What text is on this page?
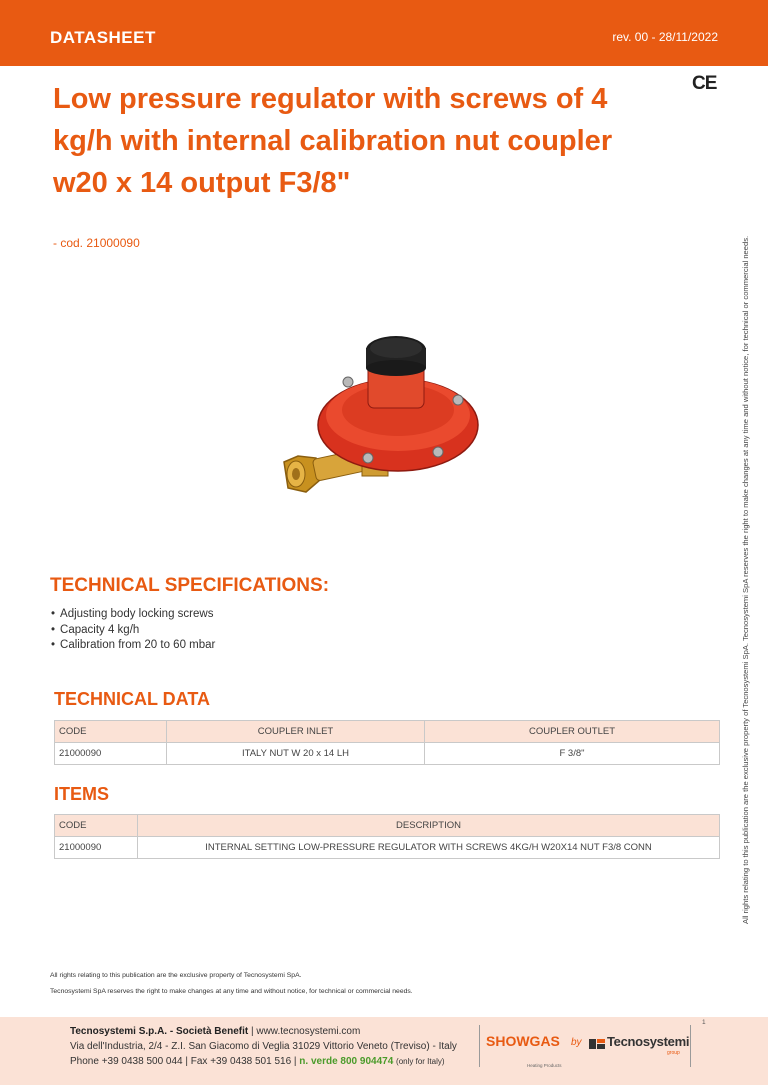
DATASHEET	rev. 00 - 28/11/2022
CE
Low pressure regulator with screws of 4 kg/h with internal calibration nut coupler w20 x 14 output F3/8"
- cod. 21000090	All rights relating to this publication are the exclusive property of Tecnosystemi SpA. Tecnosystemi SpA reserves the right to make changes at any time and without notice, for technical or commercial needs.
TECHNICAL SPECIFICATIONS:
• Adjusting body locking screws
• Capacity 4 kg/h
• Calibration from 20 to 60 mbar
TECHNICAL DATA
CODE	COUPLER INLET	COUPLER OUTLET
21000090	ITALY NUT W 20 x 14 LH	F 3/8"
ITEMS
CODE	DESCRIPTION
21000090	INTERNAL SETTING LOW-PRESSURE REGULATOR WITH SCREWS 4KG/H W20X14 NUT F3/8 CONN
All rights relating to this publication are the exclusive property of Tecnosystemi SpA.
Tecnosystemi SpA reserves the right to make changes at any time and without notice, for technical or commercial needs.
1
Tecnosystemi S.p.A. - Società Benefit | www.tecnosystemi.com
Via dell'Industria, 2/4 - Z.I. San Giacomo di Veglia 31029 Vittorio Veneto (Treviso) - Italy
Phone +39 0438 500 044 | Fax +39 0438 501 516 | n. verde 800 904474 (only for Italy)
SHOWGAS
Heating Products
by Tecnosystemi
group
